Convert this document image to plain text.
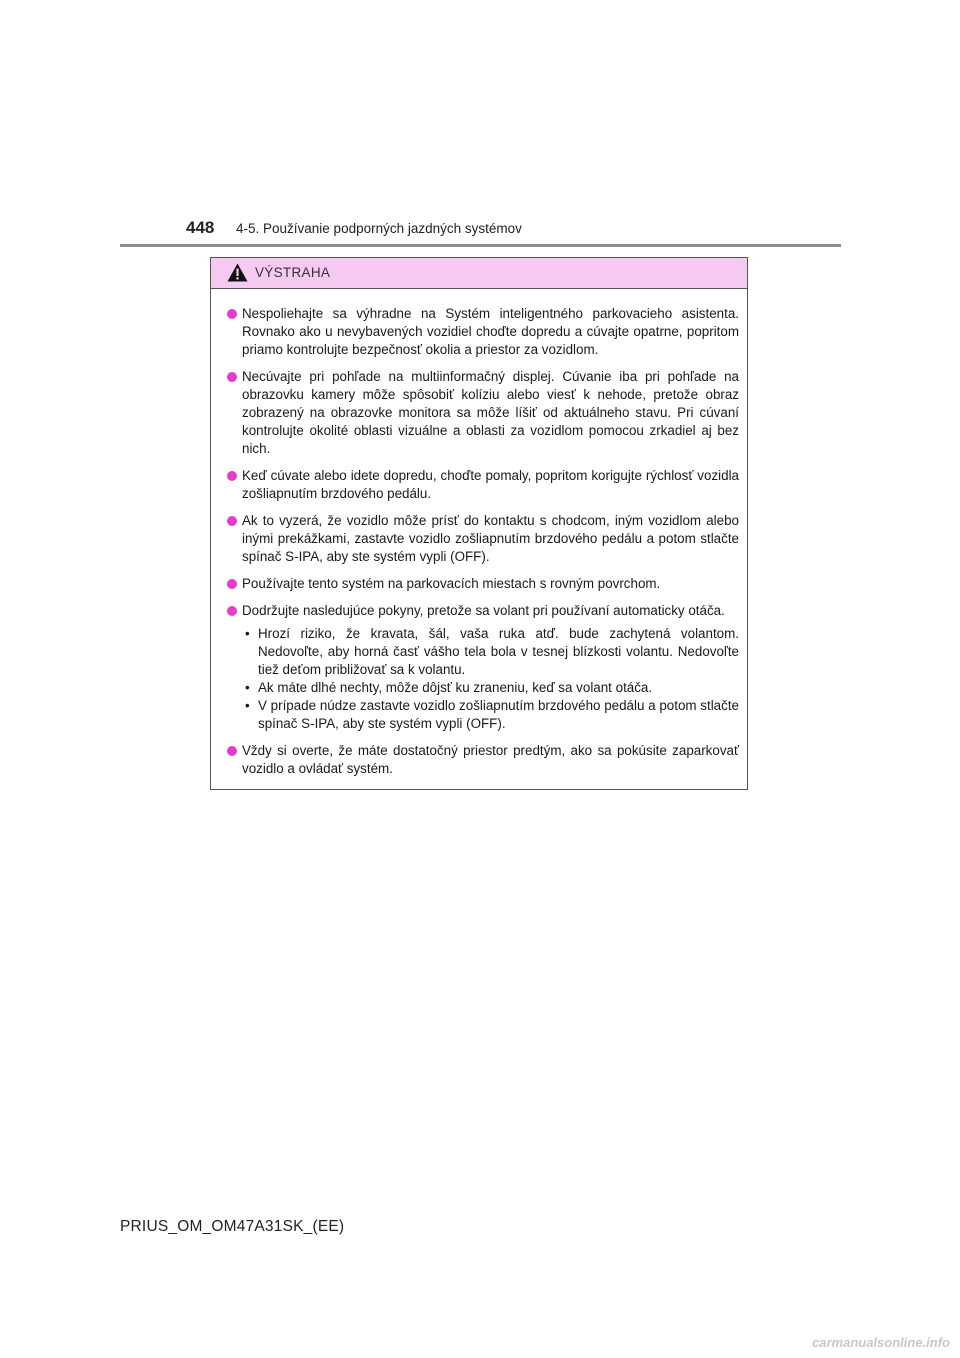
448 4-5. Používanie podporných jazdných systémov
VÝSTRAHA
Nespoliehajte sa výhradne na Systém inteligentného parkovacieho asistenta. Rovnako ako u nevybavených vozidiel choďte dopredu a cúvajte opatrne, popritom priamo kontrolujte bezpečnosť okolia a priestor za vozidlom.
Necúvajte pri pohľade na multiinformačný displej. Cúvanie iba pri pohľade na obrazovku kamery môže spôsobiť kolíziu alebo viesť k nehode, pretože obraz zobrazený na obrazovke monitora sa môže líšiť od aktuálneho stavu. Pri cúvaní kontrolujte okolité oblasti vizuálne a oblasti za vozidlom pomocou zrkadiel aj bez nich.
Keď cúvate alebo idete dopredu, choďte pomaly, popritom korigujte rýchlosť vozidla zošliapnutím brzdového pedálu.
Ak to vyzerá, že vozidlo môže prísť do kontaktu s chodcom, iným vozidlom alebo inými prekážkami, zastavte vozidlo zošliapnutím brzdového pedálu a potom stlačte spínač S-IPA, aby ste systém vypli (OFF).
Používajte tento systém na parkovacích miestach s rovným povrchom.
Dodržujte nasledujúce pokyny, pretože sa volant pri používaní automaticky otáča.
• Hrozí riziko, že kravata, šál, vaša ruka atď. bude zachytená volantom. Nedovoľte, aby horná časť vášho tela bola v tesnej blízkosti volantu. Nedovoľte tiež deťom približovať sa k volantu.
• Ak máte dlhé nechty, môže dôjsť ku zraneniu, keď sa volant otáča.
• V prípade núdze zastavte vozidlo zošliapnutím brzdového pedálu a potom stlačte spínač S-IPA, aby ste systém vypli (OFF).
Vždy si overte, že máte dostatočný priestor predtým, ako sa pokúsite zaparkovať vozidlo a ovládať systém.
PRIUS_OM_OM47A31SK_(EE)
carmanualsonline.info
